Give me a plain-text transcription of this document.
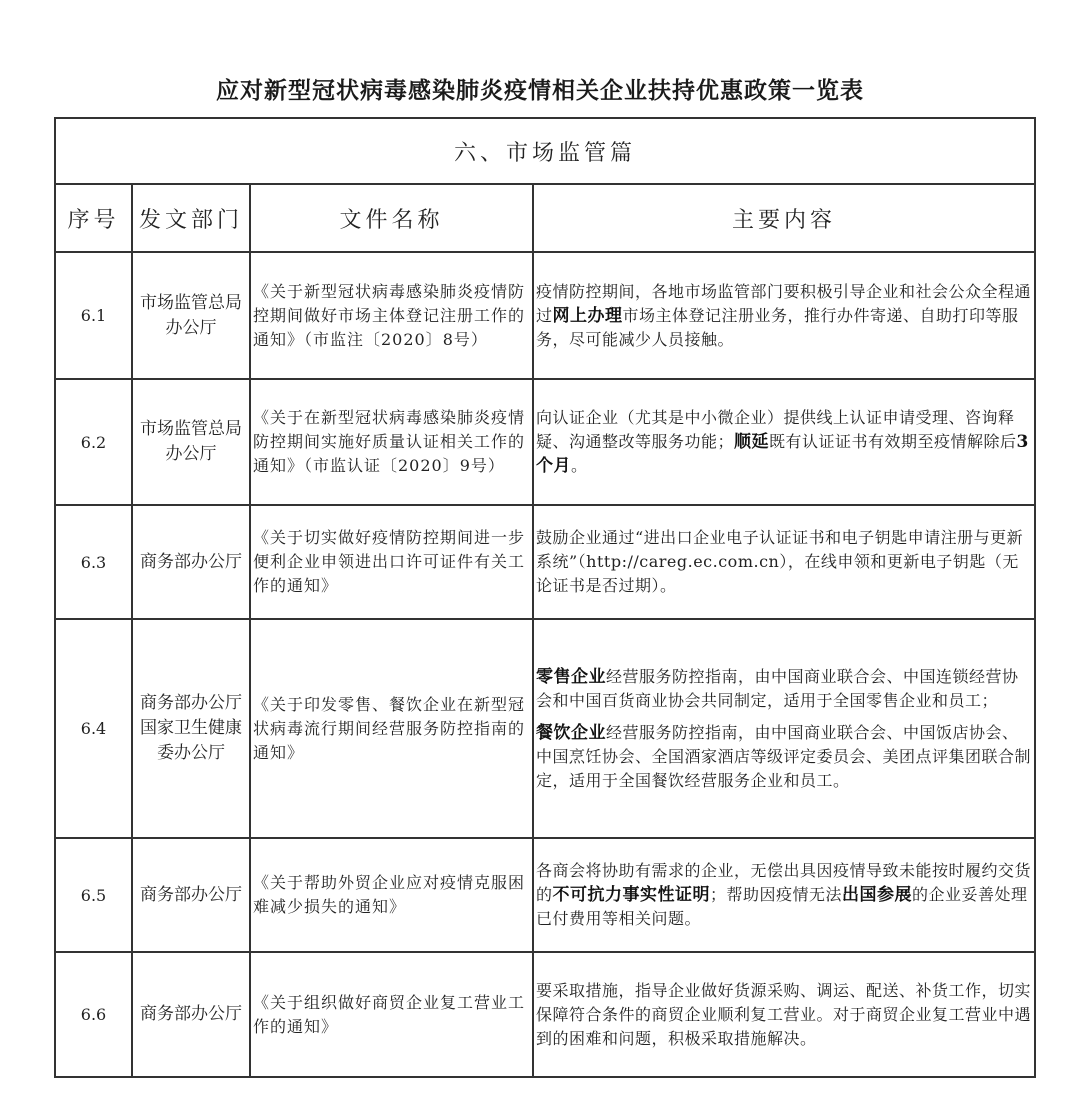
应对新型冠状病毒感染肺炎疫情相关企业扶持优惠政策一览表
六、市场监管篇			
序号	发文部门	文件名称	主要内容
6.1	市场监管总局办公厅	《关于新型冠状病毒感染肺炎疫情防控期间做好市场主体登记注册工作的通知》（市监注〔2020〕8号）	疫情防控期间，各地市场监管部门要积极引导企业和社会公众全程通过网上办理市场主体登记注册业务，推行办件寄递、自助打印等服务，尽可能减少人员接触。
6.2	市场监管总局办公厅	《关于在新型冠状病毒感染肺炎疫情防控期间实施好质量认证相关工作的通知》（市监认证〔2020〕9号）	向认证企业（尤其是中小微企业）提供线上认证申请受理、咨询释疑、沟通整改等服务功能；顺延既有认证证书有效期至疫情解除后3个月。
6.3	商务部办公厅	《关于切实做好疫情防控期间进一步便利企业申领进出口许可证件有关工作的通知》	鼓励企业通过“进出口企业电子认证证书和电子钥匙申请注册与更新系统”（http://careg.ec.com.cn），在线申领和更新电子钥匙（无论证书是否过期）。
6.4	商务部办公厅 国家卫生健康委办公厅	《关于印发零售、餐饮企业在新型冠状病毒流行期间经营服务防控指南的通知》	零售企业经营服务防控指南，由中国商业联合会、中国连锁经营协会和中国百货商业协会共同制定，适用于全国零售企业和员工；

餐饮企业经营服务防控指南，由中国商业联合会、中国饭店协会、中国烹饪协会、全国酒家酒店等级评定委员会、美团点评集团联合制定，适用于全国餐饮经营服务企业和员工。

6.5	商务部办公厅	《关于帮助外贸企业应对疫情克服困难减少损失的通知》	各商会将协助有需求的企业，无偿出具因疫情导致未能按时履约交货的不可抗力事实性证明；帮助因疫情无法出国参展的企业妥善处理已付费用等相关问题。
6.6	商务部办公厅	《关于组织做好商贸企业复工营业工作的通知》	要采取措施，指导企业做好货源采购、调运、配送、补货工作，切实保障符合条件的商贸企业顺利复工营业。对于商贸企业复工营业中遇到的困难和问题，积极采取措施解决。
